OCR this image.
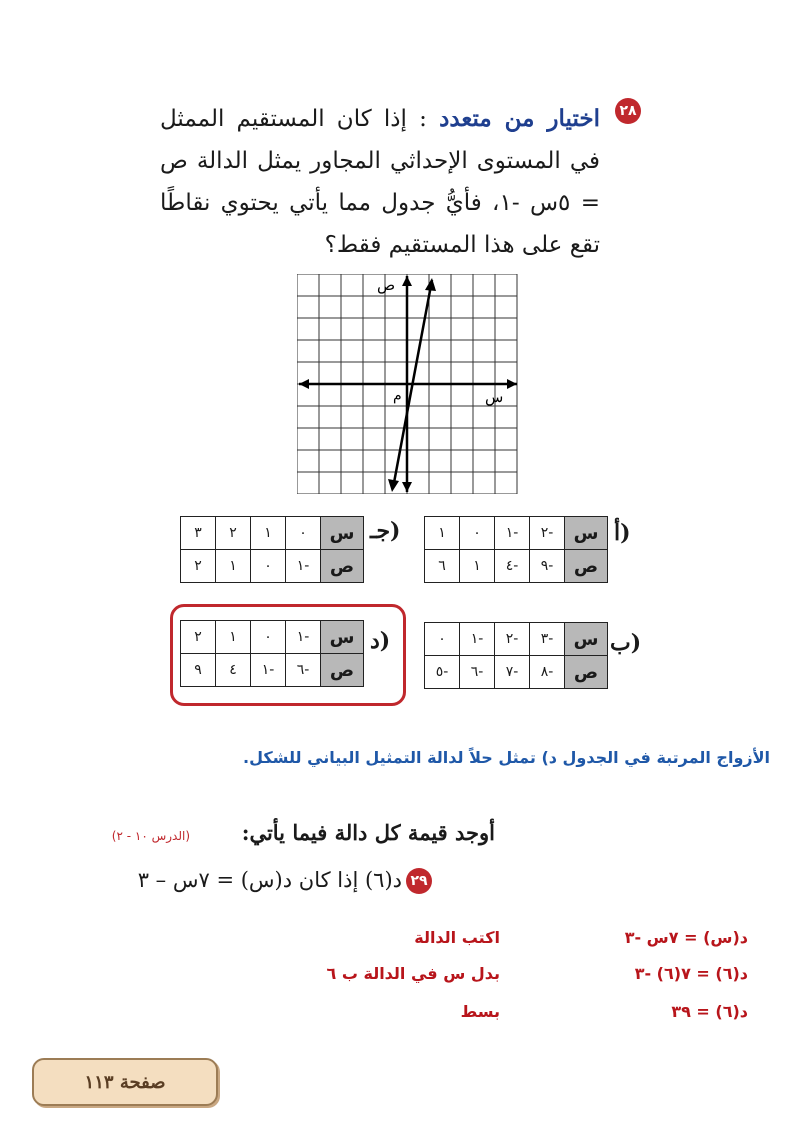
٢٨
اختيار من متعدد : إذا كان المستقيم الممثل في المستوى الإحداثي المجاور يمثل الدالة ص = ٥س -١، فأيُّ جدول مما يأتي يحتوي نقاطًا تقع على هذا المستقيم فقط؟
ص
س
م
أ)
س	-٢	-١	٠	١
ص	-٩	-٤	١	٦
جـ)
س	٠	١	٢	٣
ص	-١	٠	١	٢
ب)
س	-٣	-٢	-١	٠
ص	-٨	-٧	-٦	-٥
د)
س	-١	٠	١	٢
ص	-٦	-١	٤	٩
الأزواج المرتبة في الجدول د) تمثل حلاً لدالة التمثيل البياني للشكل.
أوجد قيمة كل دالة فيما يأتي:
(الدرس ١٠ - ٢)
٢٩
د(٦) إذا كان د(س) = ٧س – ٣
د(س) = ٧س -٣
اكتب الدالة
د(٦) = ٧(٦) -٣
بدل س في الدالة ب ٦
د(٦) = ٣٩
بسط
صفحة ١١٣
